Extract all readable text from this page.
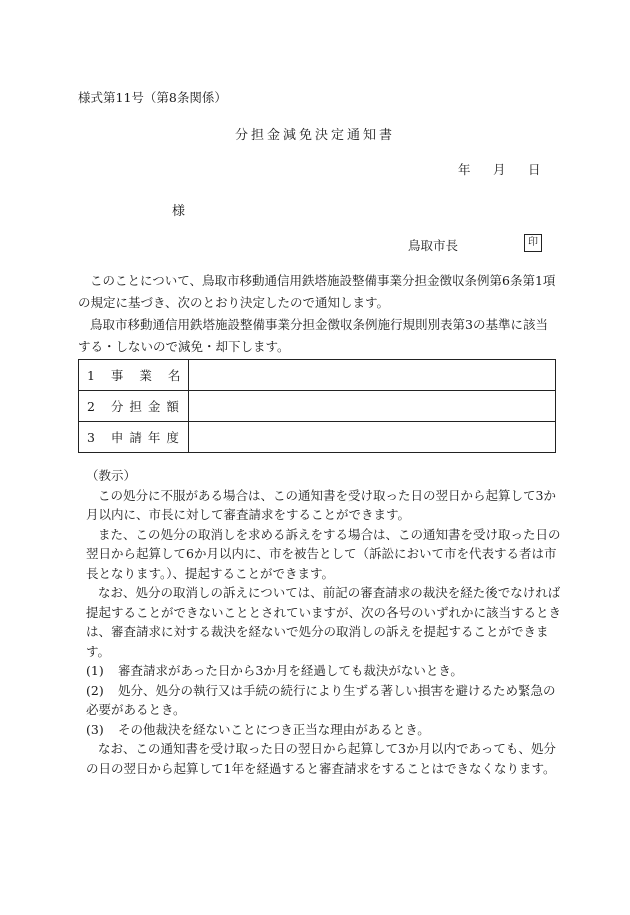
様式第11号（第8条関係）
分担金減免決定通知書
年 月 日
様
鳥取市長	印

このことについて、鳥取市移動通信用鉄塔施設整備事業分担金徴収条例第6条第1項の規定に基づき、次のとおり決定したので通知します。

鳥取市移動通信用鉄塔施設整備事業分担金徴収条例施行規則別表第3の基準に該当する・しないので減免・却下します。

1 事 業 名	
2 分担金額	
3 申請年度	

（教示）

この処分に不服がある場合は、この通知書を受け取った日の翌日から起算して3か月以内に、市長に対して審査請求をすることができます。

また、この処分の取消しを求める訴えをする場合は、この通知書を受け取った日の翌日から起算して6か月以内に、市を被告として（訴訟において市を代表する者は市長となります。）、提起することができます。

なお、処分の取消しの訴えについては、前記の審査請求の裁決を経た後でなければ提起することができないこととされていますが、次の各号のいずれかに該当するときは、審査請求に対する裁決を経ないで処分の取消しの訴えを提起することができます。

(1) 審査請求があった日から3か月を経過しても裁決がないとき。

(2) 処分、処分の執行又は手続の続行により生ずる著しい損害を避けるため緊急の必要があるとき。

(3) その他裁決を経ないことにつき正当な理由があるとき。

なお、この通知書を受け取った日の翌日から起算して3か月以内であっても、処分の日の翌日から起算して1年を経過すると審査請求をすることはできなくなります。
